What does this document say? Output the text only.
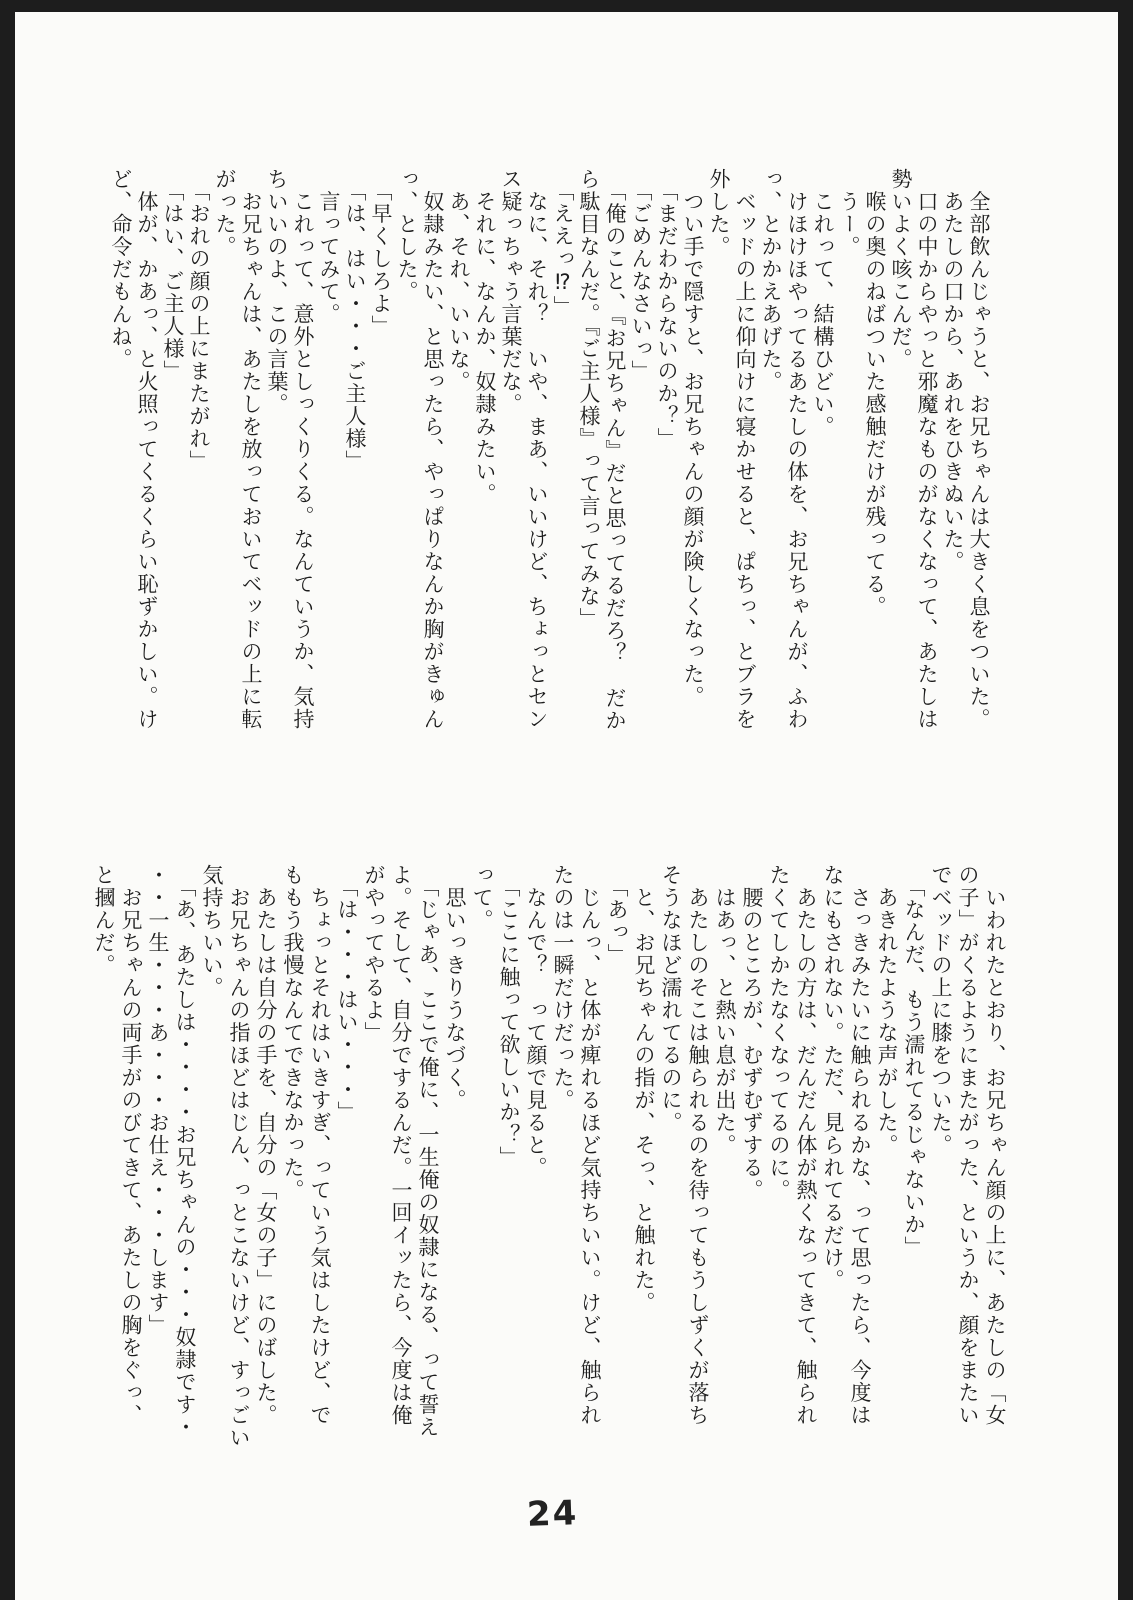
　全部飲んじゃうと、お兄ちゃんは大きく息をついた。
　あたしの口から、あれをひきぬいた。
　口の中からやっと邪魔なものがなくなって、あたしは
勢いよく咳こんだ。
　喉の奥のねばついた感触だけが残ってる。
　うー。
　これって、結構ひどい。
　けほけほやってるあたしの体を、お兄ちゃんが、ふわ
っ、とかかえあげた。
　ベッドの上に仰向けに寝かせると、ぱちっ、とブラを
外した。
　つい手で隠すと、お兄ちゃんの顔が険しくなった。
　「まだわからないのか？」
　「ごめんなさいっ」
　「俺のこと、『お兄ちゃん』だと思ってるだろ？　だか
ら駄目なんだ。『ご主人様』って言ってみな」
　「ええっ⁉」
　なに、それ？　いや、まあ、いいけど、ちょっとセン
ス疑っちゃう言葉だな。
　それに、なんか、奴隷みたい。
　あ、それ、いいな。
　奴隷みたい、と思ったら、やっぱりなんか胸がきゅん
っ、とした。
　「早くしろよ」
　「は、はい・・・ご主人様」
　言ってみて。
　これって、意外としっくりくる。なんていうか、気持
ちいいのよ、この言葉。
　お兄ちゃんは、あたしを放っておいてベッドの上に転
がった。
　「おれの顔の上にまたがれ」
　「はい、ご主人様」
　体が、かあっ、と火照ってくるくらい恥ずかしい。け
ど、命令だもんね。
　いわれたとおり、お兄ちゃん顔の上に、あたしの「女
の子」がくるようにまたがった、というか、顔をまたい
でベッドの上に膝をついた。
　「なんだ、もう濡れてるじゃないか」
　あきれたような声がした。
　さっきみたいに触られるかな、って思ったら、今度は
なにもされない。ただ、見られてるだけ。
　あたしの方は、だんだん体が熱くなってきて、触られ
たくてしかたなくなってるのに。
　腰のところが、むずむずする。
　はあっ、と熱い息が出た。
　あたしのそこは触られるのを待ってもうしずくが落ち
そうなほど濡れてるのに。
　と、お兄ちゃんの指が、そっ、と触れた。
　「あっ」
　じんっ、と体が痺れるほど気持ちいい。けど、触られ
たのは一瞬だけだった。
　なんで？　って顔で見ると。
　「ここに触って欲しいか？」
って。
　思いっきりうなづく。
　「じゃあ、ここで俺に、一生俺の奴隷になる、って誓え
よ。そして、自分でするんだ。一回イッたら、今度は俺
がやってやるよ」
　「は・・・はい・・・」
　ちょっとそれはいきすぎ、っていう気はしたけど、で
ももう我慢なんてできなかった。
　あたしは自分の手を、自分の「女の子」にのばした。
　お兄ちゃんの指ほどはじん、っとこないけど、すっごい
気持ちいい。
　「あ、あたしは・・・・お兄ちゃんの・・・奴隷です・
・・一生・・・あ・・・お仕え・・・します」
　お兄ちゃんの両手がのびてきて、あたしの胸をぐっ、
と摑んだ。
24
